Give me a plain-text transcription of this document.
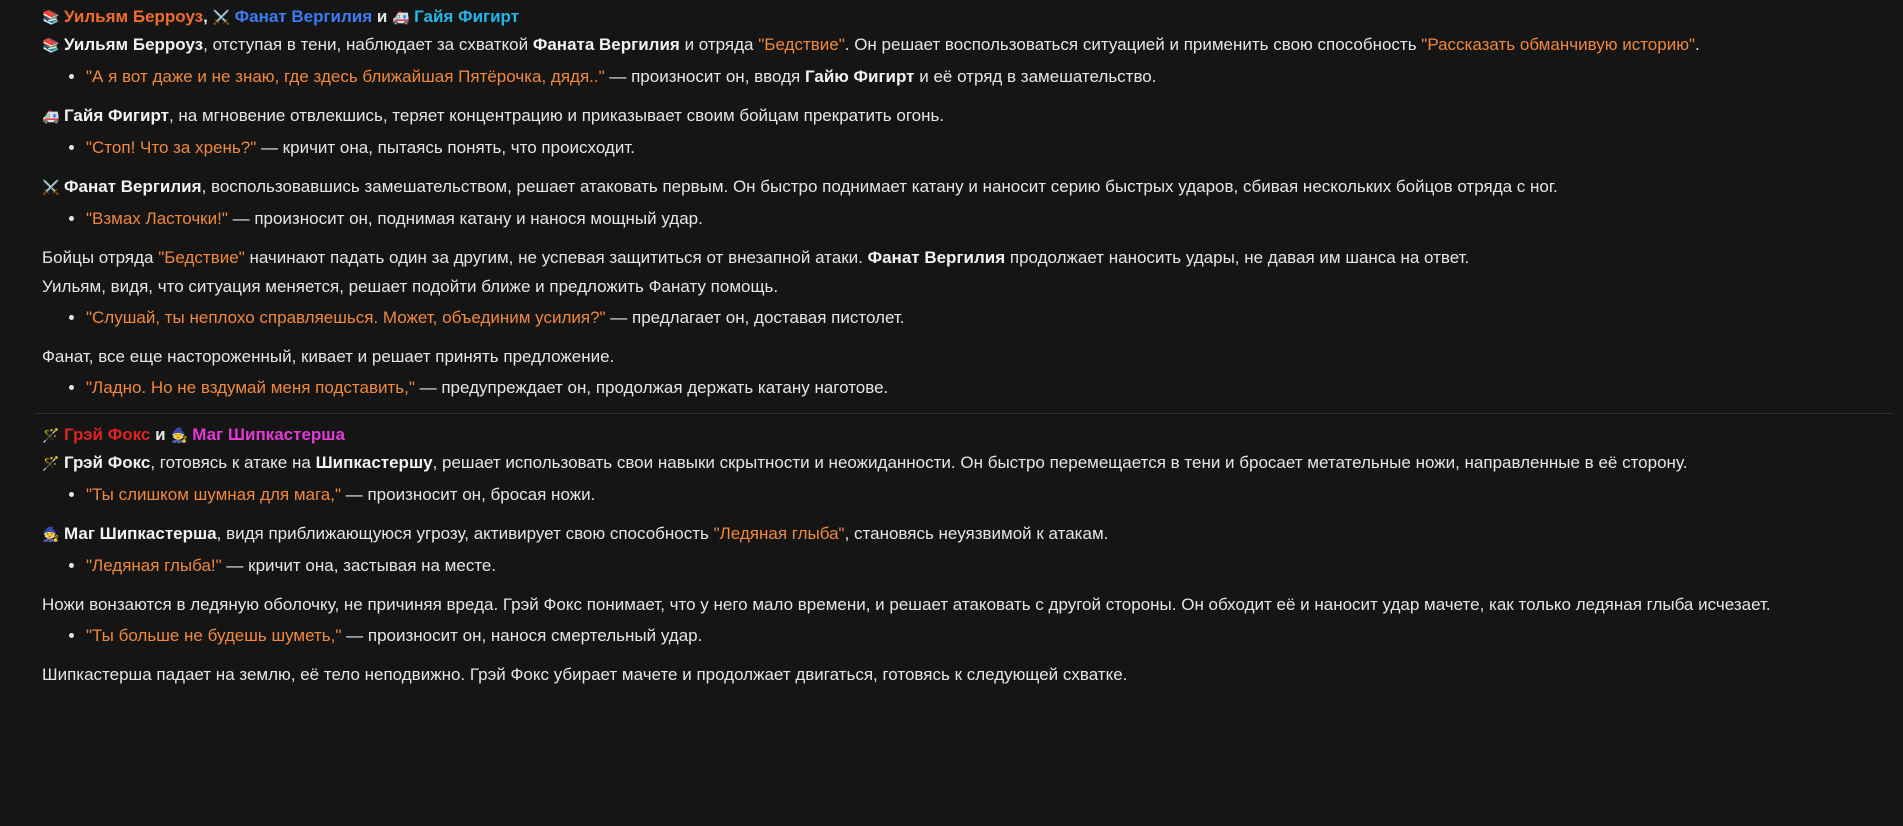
📚 Уильям Берроуз, ⚔️ Фанат Вергилия и 🚑 Гайя Фигирт
📚 Уильям Берроуз, отступая в тени, наблюдает за схваткой Фаната Вергилия и отряда "Бедствие". Он решает воспользоваться ситуацией и применить свою способность "Рассказать обманчивую историю".
• "А я вот даже и не знаю, где здесь ближайшая Пятёрочка, дядя.." — произносит он, вводя Гайю Фигирт и её отряд в замешательство.
🚑 Гайя Фигирт, на мгновение отвлекшись, теряет концентрацию и приказывает своим бойцам прекратить огонь.
• "Стоп! Что за хрень?" — кричит она, пытаясь понять, что происходит.
⚔️ Фанат Вергилия, воспользовавшись замешательством, решает атаковать первым. Он быстро поднимает катану и наносит серию быстрых ударов, сбивая нескольких бойцов отряда с ног.
• "Взмах Ласточки!" — произносит он, поднимая катану и нанося мощный удар.
Бойцы отряда "Бедствие" начинают падать один за другим, не успевая защититься от внезапной атаки. Фанат Вергилия продолжает наносить удары, не давая им шанса на ответ.
Уильям, видя, что ситуация меняется, решает подойти ближе и предложить Фанату помощь.
• "Слушай, ты неплохо справляешься. Может, объединим усилия?" — предлагает он, доставая пистолет.
Фанат, все еще настороженный, кивает и решает принять предложение.
• "Ладно. Но не вздумай меня подставить," — предупреждает он, продолжая держать катану наготове.
🪄 Грэй Фокс и 🧙 Маг Шипкастерша
🪄 Грэй Фокс, готовясь к атаке на Шипкастершу, решает использовать свои навыки скрытности и неожиданности. Он быстро перемещается в тени и бросает метательные ножи, направленные в её сторону.
• "Ты слишком шумная для мага," — произносит он, бросая ножи.
🧙 Маг Шипкастерша, видя приближающуюся угрозу, активирует свою способность "Ледяная глыба", становясь неуязвимой к атакам.
• "Ледяная глыба!" — кричит она, застывая на месте.
Ножи вонзаются в ледяную оболочку, не причиняя вреда. Грэй Фокс понимает, что у него мало времени, и решает атаковать с другой стороны. Он обходит её и наносит удар мачете, как только ледяная глыба исчезает.
• "Ты больше не будешь шуметь," — произносит он, нанося смертельный удар.
Шипкастерша падает на землю, её тело неподвижно. Грэй Фокс убирает мачете и продолжает двигаться, готовясь к следующей схватке.
